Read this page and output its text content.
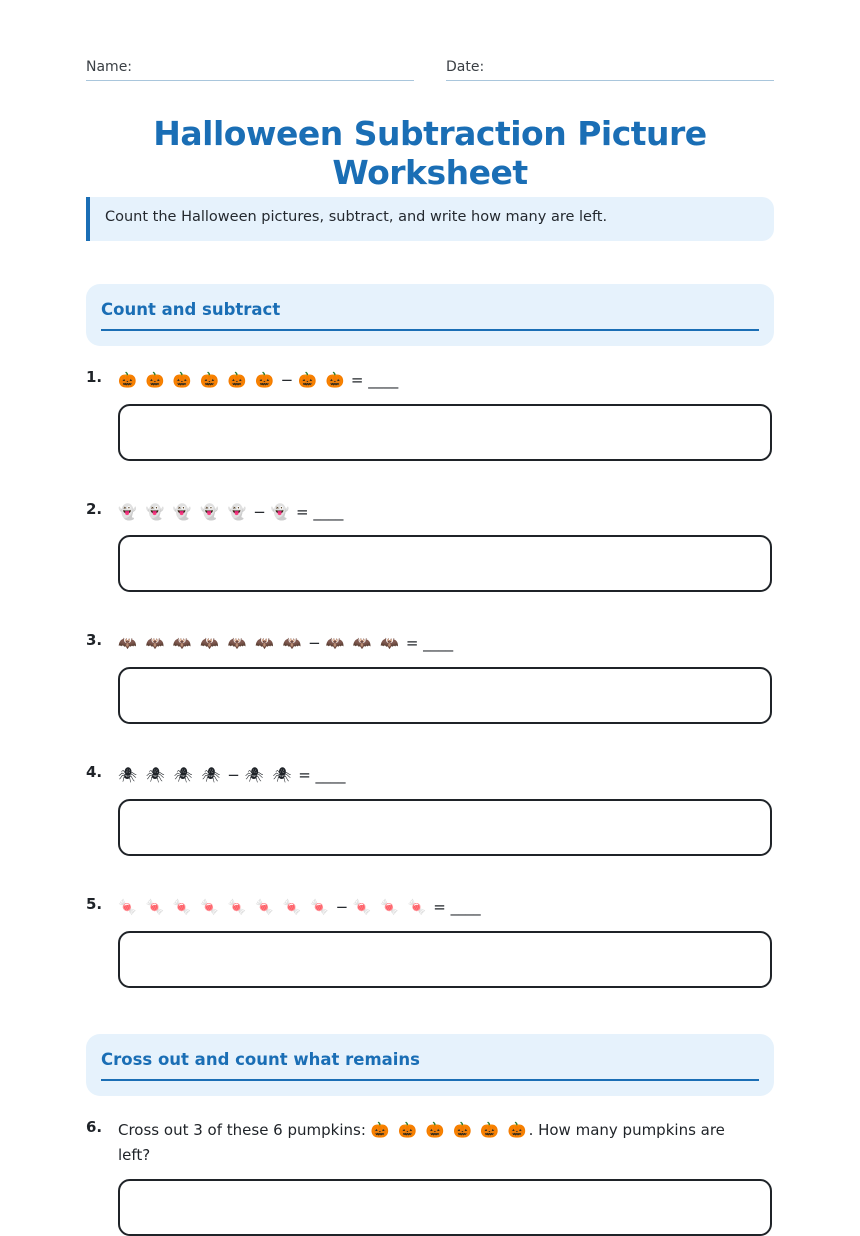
Name:	Date:
Halloween Subtraction Picture Worksheet
Count the Halloween pictures, subtract, and write how many are left.
Count and subtract
1. 🎃 🎃 🎃 🎃 🎃 🎃 − 🎃 🎃 = ____
2. 👻 👻 👻 👻 👻 − 👻 = ____
3. 🦇 🦇 🦇 🦇 🦇 🦇 🦇 − 🦇 🦇 🦇 = ____
4. 🕷 🕷 🕷 🕷 − 🕷 🕷 = ____
5. 🍬 🍬 🍬 🍬 🍬 🍬 🍬 🍬 − 🍬 🍬 🍬 = ____
Cross out and count what remains
6. Cross out 3 of these 6 pumpkins: 🎃 🎃 🎃 🎃 🎃 🎃. How many pumpkins are left?
